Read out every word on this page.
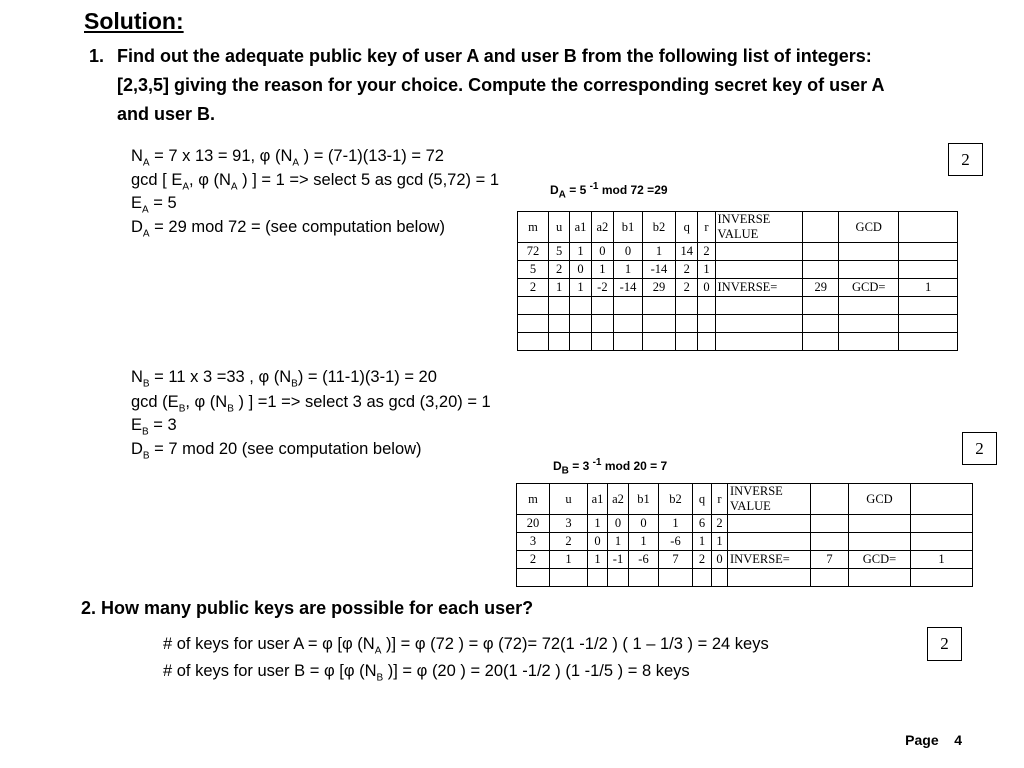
Solution:
1. Find out the adequate public key of user A and user B from the following list of integers:
[2,3,5] giving the reason for your choice. Compute the corresponding secret key of user A
and user B.
$N_A = 7$ x 13 = 91, φ ($N_A$ ) = (7-1)(13-1) = 72
gcd [ $E_A$, φ ($N_A$ ) ] = 1 => select 5 as gcd (5,72) = 1
$E_A = 5$
$D_A = 29$ mod 72 = (see computation below)
2
$D_A = 5$ $^{-1}$ mod 72 =29
m	u	a1	a2	b1	b2	q	r	INVERSE VALUE		GCD	
72	5	1	0	0	1	14	2				
5	2	0	1	1	-14	2	1				
2	1	1	-2	-14	29	2	0	INVERSE=	29	GCD=	1

$N_B = 11$ x 3 =33 , φ $(N_B) = (11-1)(3-1) = 20$
$\gcd (E_B$, φ ($N_B$ ) ] =1 => select 3 as gcd (3,20) = 1
$E_B = 3$
$D_B = 7$ mod 20 (see computation below)	2
$D_B = 3$ $^{-1}$ mod 20 = 7
m	u	a1	a2	b1	b2	q	r	INVERSE VALUE		GCD	
20	3	1	0	0	1	6	2				
3	2	0	1	1	-6	1	1				
2	1	1	-1	-6	7	2	0	INVERSE=	7	GCD=	1

2. How many public keys are possible for each user?
# of keys for user A = φ [φ ($N_A$ )] = φ (72 ) = φ (72)= 72(1 -1/2 ) ( 1 – 1/3 ) = 24 keys
# of keys for user B = φ [φ ($N_B$ )] = φ (20 ) = 20(1 -1/2 ) (1 -1/5 ) = 8 keys
2
Page 4
